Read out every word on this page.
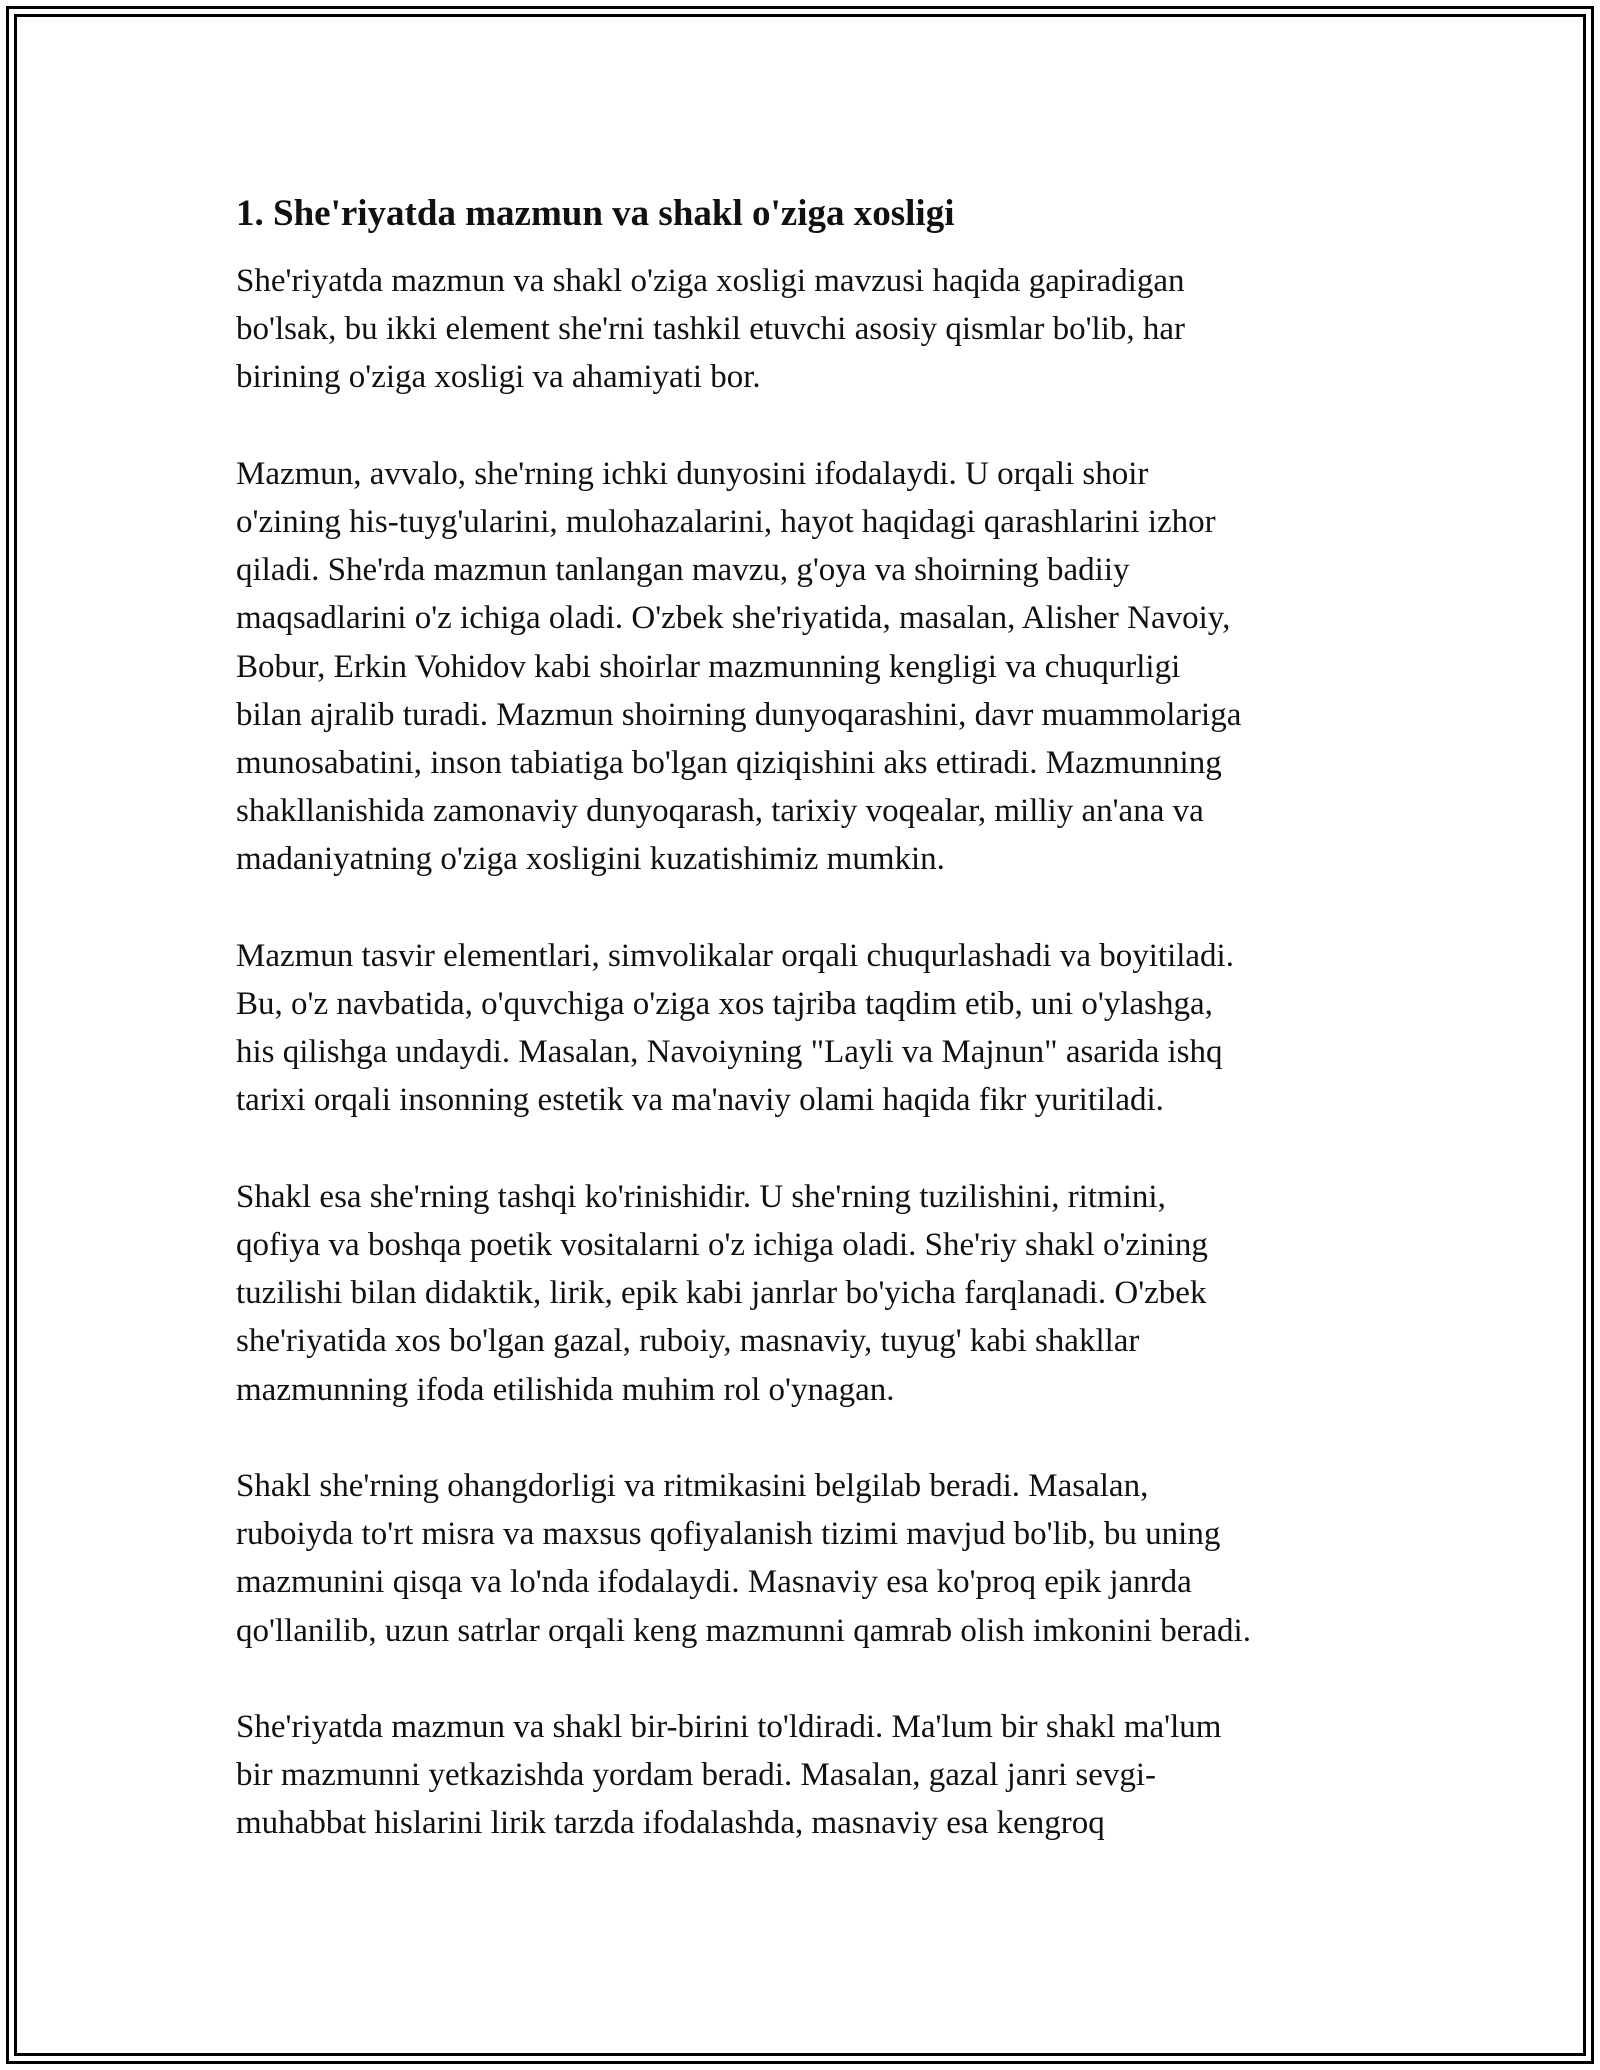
1. She'riyatda mazmun va shakl o'ziga xosligi
She'riyatda mazmun va shakl o'ziga xosligi mavzusi haqida gapiradigan
bo'lsak, bu ikki element she'rni tashkil etuvchi asosiy qismlar bo'lib, har
birining o'ziga xosligi va ahamiyati bor.
Mazmun, avvalo, she'rning ichki dunyosini ifodalaydi. U orqali shoir
o'zining his-tuyg'ularini, mulohazalarini, hayot haqidagi qarashlarini izhor
qiladi. She'rda mazmun tanlangan mavzu, g'oya va shoirning badiiy
maqsadlarini o'z ichiga oladi. O'zbek she'riyatida, masalan, Alisher Navoiy,
Bobur, Erkin Vohidov kabi shoirlar mazmunning kengligi va chuqurligi
bilan ajralib turadi. Mazmun shoirning dunyoqarashini, davr muammolariga
munosabatini, inson tabiatiga bo'lgan qiziqishini aks ettiradi. Mazmunning
shakllanishida zamonaviy dunyoqarash, tarixiy voqealar, milliy an'ana va
madaniyatning o'ziga xosligini kuzatishimiz mumkin.
Mazmun tasvir elementlari, simvolikalar orqali chuqurlashadi va boyitiladi.
Bu, o'z navbatida, o'quvchiga o'ziga xos tajriba taqdim etib, uni o'ylashga,
his qilishga undaydi. Masalan, Navoiyning "Layli va Majnun" asarida ishq
tarixi orqali insonning estetik va ma'naviy olami haqida fikr yuritiladi.
Shakl esa she'rning tashqi ko'rinishidir. U she'rning tuzilishini, ritmini,
qofiya va boshqa poetik vositalarni o'z ichiga oladi. She'riy shakl o'zining
tuzilishi bilan didaktik, lirik, epik kabi janrlar bo'yicha farqlanadi. O'zbek
she'riyatida xos bo'lgan gazal, ruboiy, masnaviy, tuyug' kabi shakllar
mazmunning ifoda etilishida muhim rol o'ynagan.
Shakl she'rning ohangdorligi va ritmikasini belgilab beradi. Masalan,
ruboiyda to'rt misra va maxsus qofiyalanish tizimi mavjud bo'lib, bu uning
mazmunini qisqa va lo'nda ifodalaydi. Masnaviy esa ko'proq epik janrda
qo'llanilib, uzun satrlar orqali keng mazmunni qamrab olish imkonini beradi.
She'riyatda mazmun va shakl bir-birini to'ldiradi. Ma'lum bir shakl ma'lum
bir mazmunni yetkazishda yordam beradi. Masalan, gazal janri sevgi-
muhabbat hislarini lirik tarzda ifodalashda, masnaviy esa kengroq
